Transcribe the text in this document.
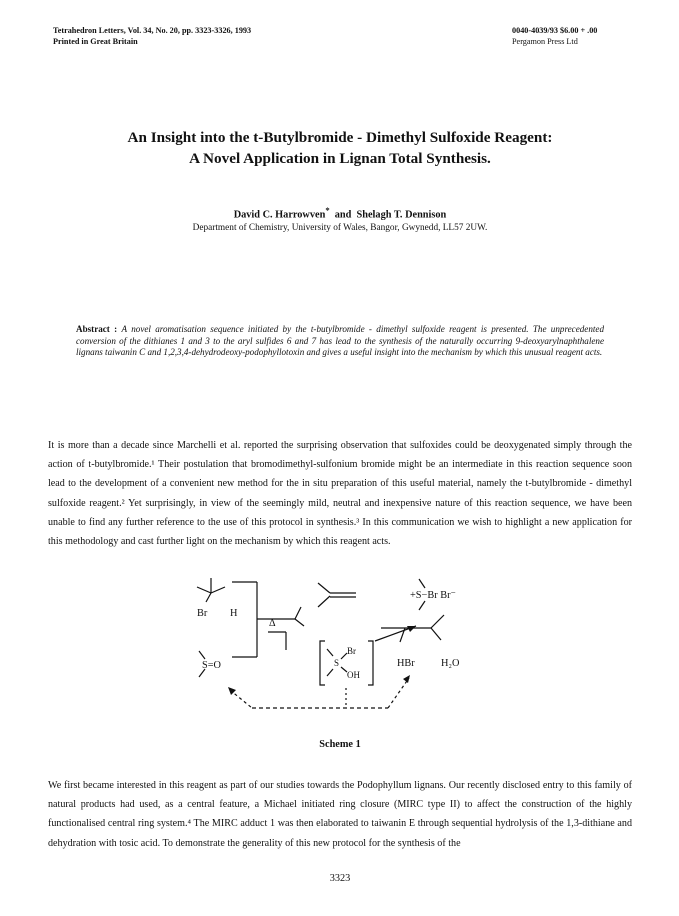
Tetrahedron Letters, Vol. 34, No. 20, pp. 3323-3326, 1993
Printed in Great Britain
0040-4039/93 $6.00 + .00
Pergamon Press Ltd
An Insight into the t-Butylbromide - Dimethyl Sulfoxide Reagent:
A Novel Application in Lignan Total Synthesis.
David C. Harrowven* and Shelagh T. Dennison
Department of Chemistry, University of Wales, Bangor, Gwynedd, LL57 2UW.
Abstract : A novel aromatisation sequence initiated by the t-butylbromide - dimethyl sulfoxide reagent is presented. The unprecedented conversion of the dithianes 1 and 3 to the aryl sulfides 6 and 7 has lead to the synthesis of the naturally occurring 9-deoxyarylnaphthalene lignans taiwanin C and 1,2,3,4-dehydrodeoxy-podophyllotoxin and gives a useful insight into the mechanism by which this unusual reagent acts.
It is more than a decade since Marchelli et al. reported the surprising observation that sulfoxides could be deoxygenated simply through the action of t-butylbromide.¹ Their postulation that bromodimethyl-sulfonium bromide might be an intermediate in this reaction sequence soon lead to the development of a convenient new method for the in situ preparation of this useful material, namely the t-butylbromide - dimethyl sulfoxide reagent.² Yet surprisingly, in view of the seemingly mild, neutral and inexpensive nature of this reaction sequence, we have been unable to find any further reference to the use of this protocol in synthesis.³ In this communication we wish to highlight a new application for this methodology and cast further light on the mechanism by which this reagent acts.
Br H
Δ
S=O
+S−Br Br⁻
Br
S
OH
HBr	H₂O
Scheme 1
We first became interested in this reagent as part of our studies towards the Podophyllum lignans. Our recently disclosed entry to this family of natural products had used, as a central feature, a Michael initiated ring closure (MIRC type II) to affect the construction of the highly functionalised central ring system.⁴ The MIRC adduct 1 was then elaborated to taiwanin E through sequential hydrolysis of the 1,3-dithiane and dehydration with tosic acid. To demonstrate the generality of this new protocol for the synthesis of the
3323
